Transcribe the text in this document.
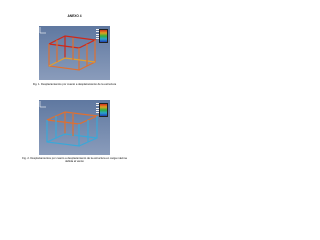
ANEXO 4
Fig. 1. Desplazamientos por cuanto a desplazamiento de la estructura
Fig. 2. Desplazamientos por cuanto a desplazamiento de la estructura en carga máxima debida al viento
